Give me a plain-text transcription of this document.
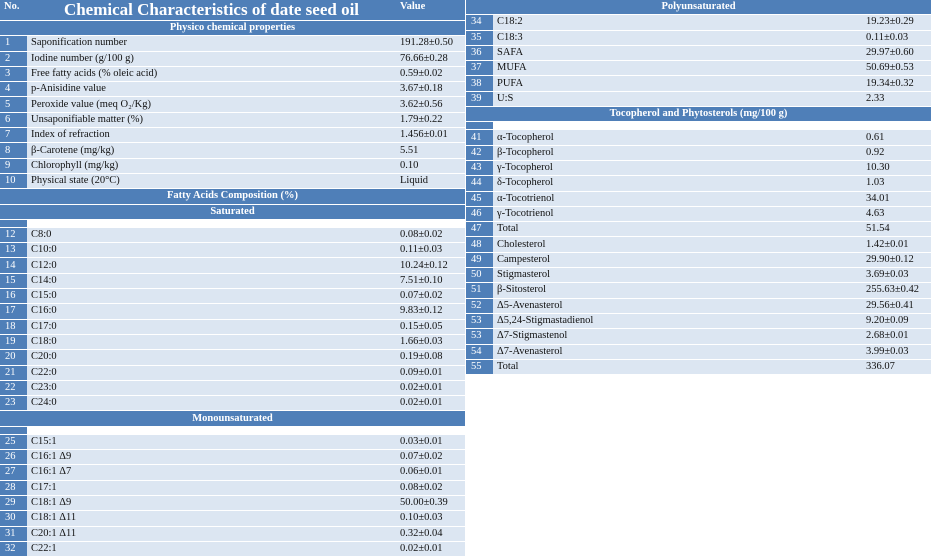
No.	Chemical Characteristics of date seed oil	Value
Physico chemical properties		
1	Saponification number	191.28±0.50
2	Iodine number (g/100 g)	76.66±0.28
3	Free fatty acids (% oleic acid)	0.59±0.02
4	p-Anisidine value	3.67±0.18
5	Peroxide value (meq O₂/Kg)	3.62±0.56
6	Unsaponifiable matter (%)	1.79±0.22
7	Index of refraction	1.456±0.01
8	β-Carotene (mg/kg)	5.51
9	Chlorophyll (mg/kg)	0.10
10	Physical state (20°C)	Liquid
Fatty Acids Composition (%)		
Saturated		

12	C8:0	0.08±0.02
13	C10:0	0.11±0.03
14	C12:0	10.24±0.12
15	C14:0	7.51±0.10
16	C15:0	0.07±0.02
17	C16:0	9.83±0.12
18	C17:0	0.15±0.05
19	C18:0	1.66±0.03
20	C20:0	0.19±0.08
21	C22:0	0.09±0.01
22	C23:0	0.02±0.01
23	C24:0	0.02±0.01
Monounsaturated		

25	C15:1	0.03±0.01
26	C16:1 Δ9	0.07±0.02
27	C16:1 Δ7	0.06±0.01
28	C17:1	0.08±0.02
29	C18:1 Δ9	50.00±0.39
30	C18:1 Δ11	0.10±0.03
31	C20:1 Δ11	0.32±0.04
32	C22:1	0.02±0.01
Polyunsaturated		
34	C18:2	19.23±0.29
35	C18:3	0.11±0.03
36	SAFA	29.97±0.60
37	MUFA	50.69±0.53
38	PUFA	19.34±0.32
39	U:S	2.33
Tocopherol and Phytosterols (mg/100 g)		

41	α-Tocopherol	0.61
42	β-Tocopherol	0.92
43	γ-Tocopherol	10.30
44	δ-Tocopherol	1.03
45	α-Tocotrienol	34.01
46	γ-Tocotrienol	4.63
47	Total	51.54
48	Cholesterol	1.42±0.01
49	Campesterol	29.90±0.12
50	Stigmasterol	3.69±0.03
51	β-Sitosterol	255.63±0.42
52	Δ5-Avenasterol	29.56±0.41
53	Δ5,24-Stigmastadienol	9.20±0.09
53	Δ7-Stigmastenol	2.68±0.01
54	Δ7-Avenasterol	3.99±0.03
55	Total	336.07
